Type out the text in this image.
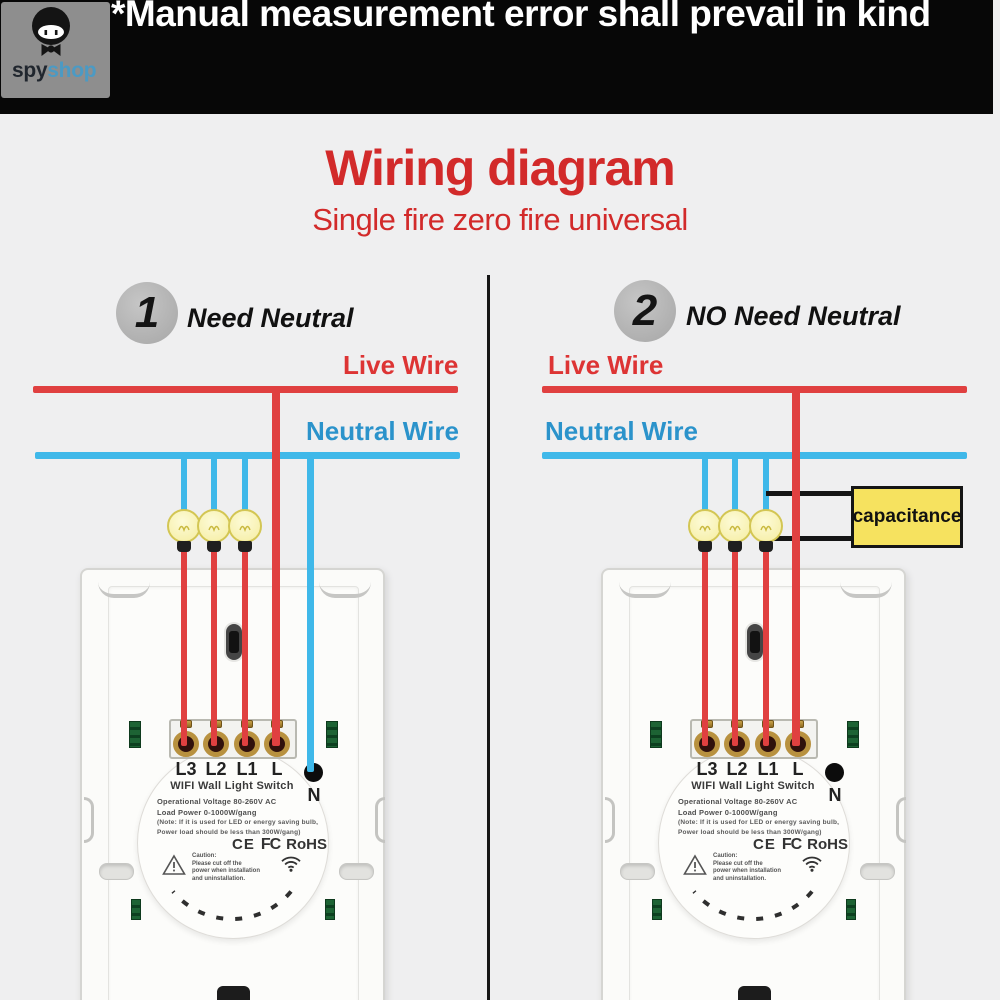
*Manual measurement error shall prevail in kind
spyshop
Wiring diagram
Single fire zero fire universal
1	Need Neutral	2	NO Need Neutral
Live Wire
Neutral Wire
Live Wire
Neutral Wire
capacitance
WIFI Wall Light Switch
Operational Voltage 80-260V AC
Load Power 0-1000W/gang
(Note: If it is used for LED or energy saving bulb,
Power load should be less than 300W/gang)
CE FC RoHS
Caution:
Please cut off the
power when installation
and uninstallation.
L3 L2 L1 L
N	WIFI Wall Light Switch
Operational Voltage 80-260V AC
Load Power 0-1000W/gang
(Note: If it is used for LED or energy saving bulb,
Power load should be less than 300W/gang)
CE FC RoHS
Caution:
Please cut off the
power when installation
and uninstallation.
L3 L2 L1 L
N
